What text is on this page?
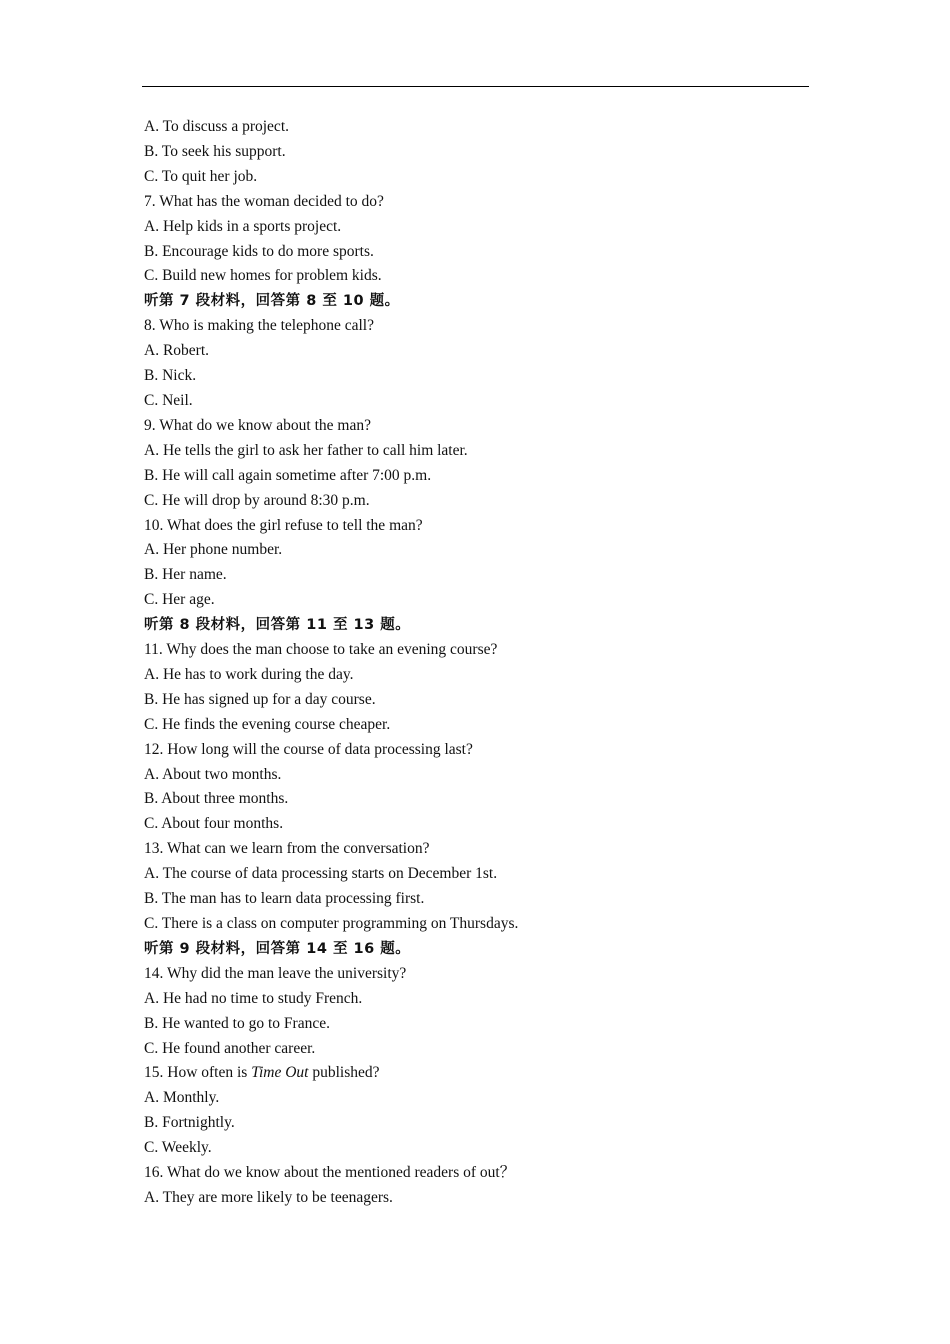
A. To discuss a project.
B. To seek his support.
C. To quit her job.
7. What has the woman decided to do?
A. Help kids in a sports project.
B. Encourage kids to do more sports.
C. Build new homes for problem kids.
听第 7 段材料，回答第 8 至 10 题。
8. Who is making the telephone call?
A. Robert.
B. Nick.
C. Neil.
9. What do we know about the man?
A. He tells the girl to ask her father to call him later.
B. He will call again sometime after 7:00 p.m.
C. He will drop by around 8:30 p.m.
10. What does the girl refuse to tell the man?
A. Her phone number.
B. Her name.
C. Her age.
听第 8 段材料，回答第 11 至 13 题。
11. Why does the man choose to take an evening course?
A. He has to work during the day.
B. He has signed up for a day course.
C. He finds the evening course cheaper.
12. How long will the course of data processing last?
A. About two months.
B. About three months.
C. About four months.
13. What can we learn from the conversation?
A. The course of data processing starts on December 1st.
B. The man has to learn data processing first.
C. There is a class on computer programming on Thursdays.
听第 9 段材料，回答第 14 至 16 题。
14. Why did the man leave the university?
A. He had no time to study French.
B. He wanted to go to France.
C. He found another career.
15. How often is Time Out published?
A. Monthly.
B. Fortnightly.
C. Weekly.
16. What do we know about the mentioned readers of out？
A. They are more likely to be teenagers.
